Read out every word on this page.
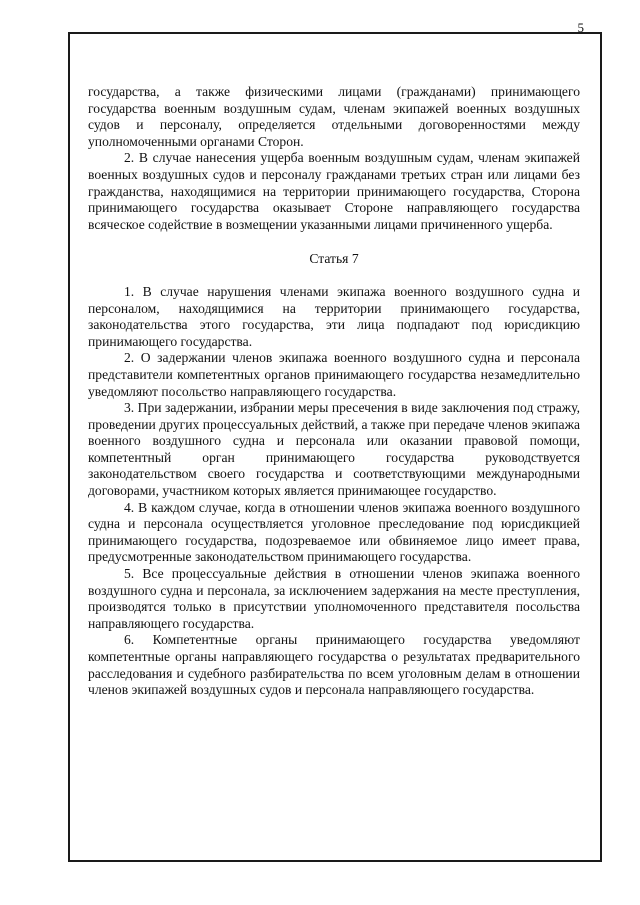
5

государства, а также физическими лицами (гражданами) принимающего государства военным воздушным судам, членам экипажей военных воздушных судов и персоналу, определяется отдельными договоренностями между уполномоченными органами Сторон.

2. В случае нанесения ущерба военным воздушным судам, членам экипажей военных воздушных судов и персоналу гражданами третьих стран или лицами без гражданства, находящимися на территории принимающего государства, Сторона принимающего государства оказывает Стороне направляющего государства всяческое содействие в возмещении указанными лицами причиненного ущерба.

Статья 7

1. В случае нарушения членами экипажа военного воздушного судна и персоналом, находящимися на территории принимающего государства, законодательства этого государства, эти лица подпадают под юрисдикцию принимающего государства.

2. О задержании членов экипажа военного воздушного судна и персонала представители компетентных органов принимающего государства незамедлительно уведомляют посольство направляющего государства.

3. При задержании, избрании меры пресечения в виде заключения под стражу, проведении других процессуальных действий, а также при передаче членов экипажа военного воздушного судна и персонала или оказании правовой помощи, компетентный орган принимающего государства руководствуется законодательством своего государства и соответствующими международными договорами, участником которых является принимающее государство.

4. В каждом случае, когда в отношении членов экипажа военного воздушного судна и персонала осуществляется уголовное преследование под юрисдикцией принимающего государства, подозреваемое или обвиняемое лицо имеет права, предусмотренные законодательством принимающего государства.

5. Все процессуальные действия в отношении членов экипажа военного воздушного судна и персонала, за исключением задержания на месте преступления, производятся только в присутствии уполномоченного представителя посольства направляющего государства.

6. Компетентные органы принимающего государства уведомляют компетентные органы направляющего государства о результатах предварительного расследования и судебного разбирательства по всем уголовным делам в отношении членов экипажей воздушных судов и персонала направляющего государства.
